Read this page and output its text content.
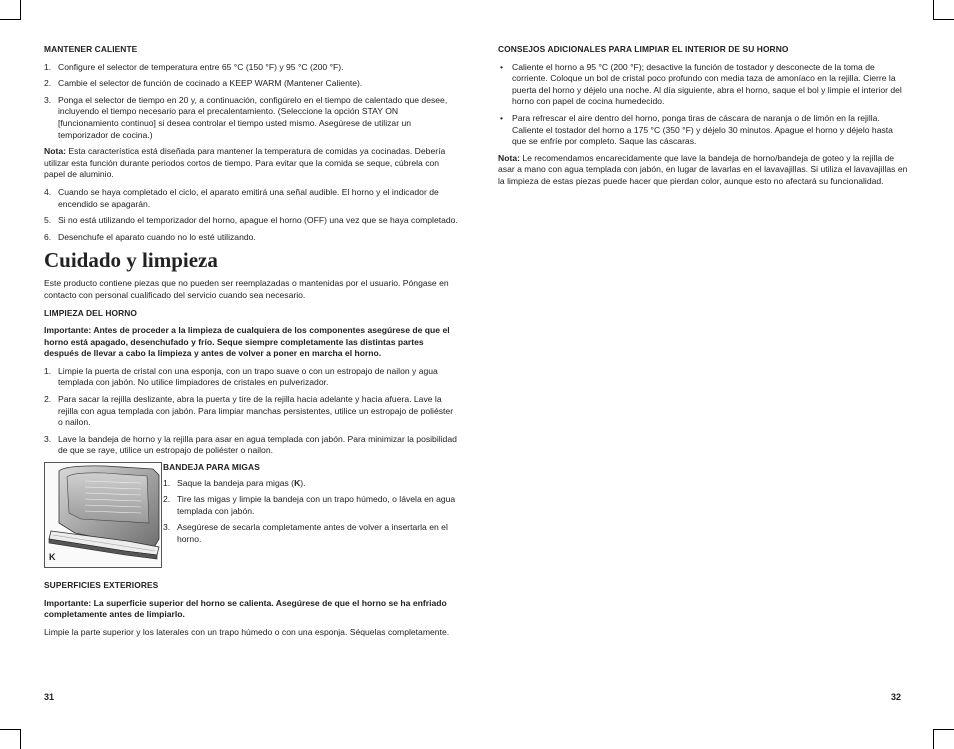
MANTENER CALIENTE
1. Configure el selector de temperatura entre 65 °C (150 °F) y 95 °C (200 °F).
2. Cambie el selector de función de cocinado a KEEP WARM (Mantener Caliente).
3. Ponga el selector de tiempo en 20 y, a continuación, configúrelo en el tiempo de calentado que desee, incluyendo el tiempo necesario para el precalentamiento. (Seleccione la opción STAY ON [funcionamiento continuo] si desea controlar el tiempo usted mismo. Asegúrese de utilizar un temporizador de cocina.)

Nota: Esta característica está diseñada para mantener la temperatura de comidas ya cocinadas. Debería utilizar esta función durante periodos cortos de tiempo. Para evitar que la comida se seque, cúbrela con papel de aluminio.

4. Cuando se haya completado el ciclo, el aparato emitirá una señal audible. El horno y el indicador de encendido se apagarán.
5. Si no está utilizando el temporizador del horno, apague el horno (OFF) una vez que se haya completado.
6. Desenchufe el aparato cuando no lo esté utilizando.
Cuidado y limpieza

Este producto contiene piezas que no pueden ser reemplazadas o mantenidas por el usuario. Póngase en contacto con personal cualificado del servicio cuando sea necesario.

LIMPIEZA DEL HORNO

Importante: Antes de proceder a la limpieza de cualquiera de los componentes asegúrese de que el horno está apagado, desenchufado y frío. Seque siempre completamente las distintas partes después de llevar a cabo la limpieza y antes de volver a poner en marcha el horno.

1. Limpie la puerta de cristal con una esponja, con un trapo suave o con un estropajo de nailon y agua templada con jabón. No utilice limpiadores de cristales en pulverizador.
2. Para sacar la rejilla deslizante, abra la puerta y tire de la rejilla hacia adelante y hacia afuera. Lave la rejilla con agua templada con jabón. Para limpiar manchas persistentes, utilice un estropajo de poliéster o nailon.
3. Lave la bandeja de horno y la rejilla para asar en agua templada con jabón. Para minimizar la posibilidad de que se raye, utilice un estropajo de poliéster o nailon.
K
BANDEJA PARA MIGAS
1. Saque la bandeja para migas (K).
2. Tire las migas y limpie la bandeja con un trapo húmedo, o lávela en agua templada con jabón.
3. Asegúrese de secarla completamente antes de volver a insertarla en el horno.
SUPERFICIES EXTERIORES

Importante: La superficie superior del horno se calienta. Asegúrese de que el horno se ha enfriado completamente antes de limpiarlo.

Limpie la parte superior y los laterales con un trapo húmedo o con una esponja. Séquelas completamente.

31
CONSEJOS ADICIONALES PARA LIMPIAR EL INTERIOR DE SU HORNO
• Caliente el horno a 95 °C (200 °F); desactive la función de tostador y desconecte de la toma de corriente. Coloque un bol de cristal poco profundo con media taza de amoníaco en la rejilla. Cierre la puerta del horno y déjelo una noche. Al día siguiente, abra el horno, saque el bol y limpie el interior del horno con papel de cocina humedecido.
• Para refrescar el aire dentro del horno, ponga tiras de cáscara de naranja o de limón en la rejilla. Caliente el tostador del horno a 175 °C (350 °F) y déjelo 30 minutos. Apague el horno y déjelo hasta que se enfríe por completo. Saque las cáscaras.

Nota: Le recomendamos encarecidamente que lave la bandeja de horno/bandeja de goteo y la rejilla de asar a mano con agua templada con jabón, en lugar de lavarlas en el lavavajillas. Si utiliza el lavavajillas en la limpieza de estas piezas puede hacer que pierdan color, aunque esto no afectará su funcionalidad.

32
